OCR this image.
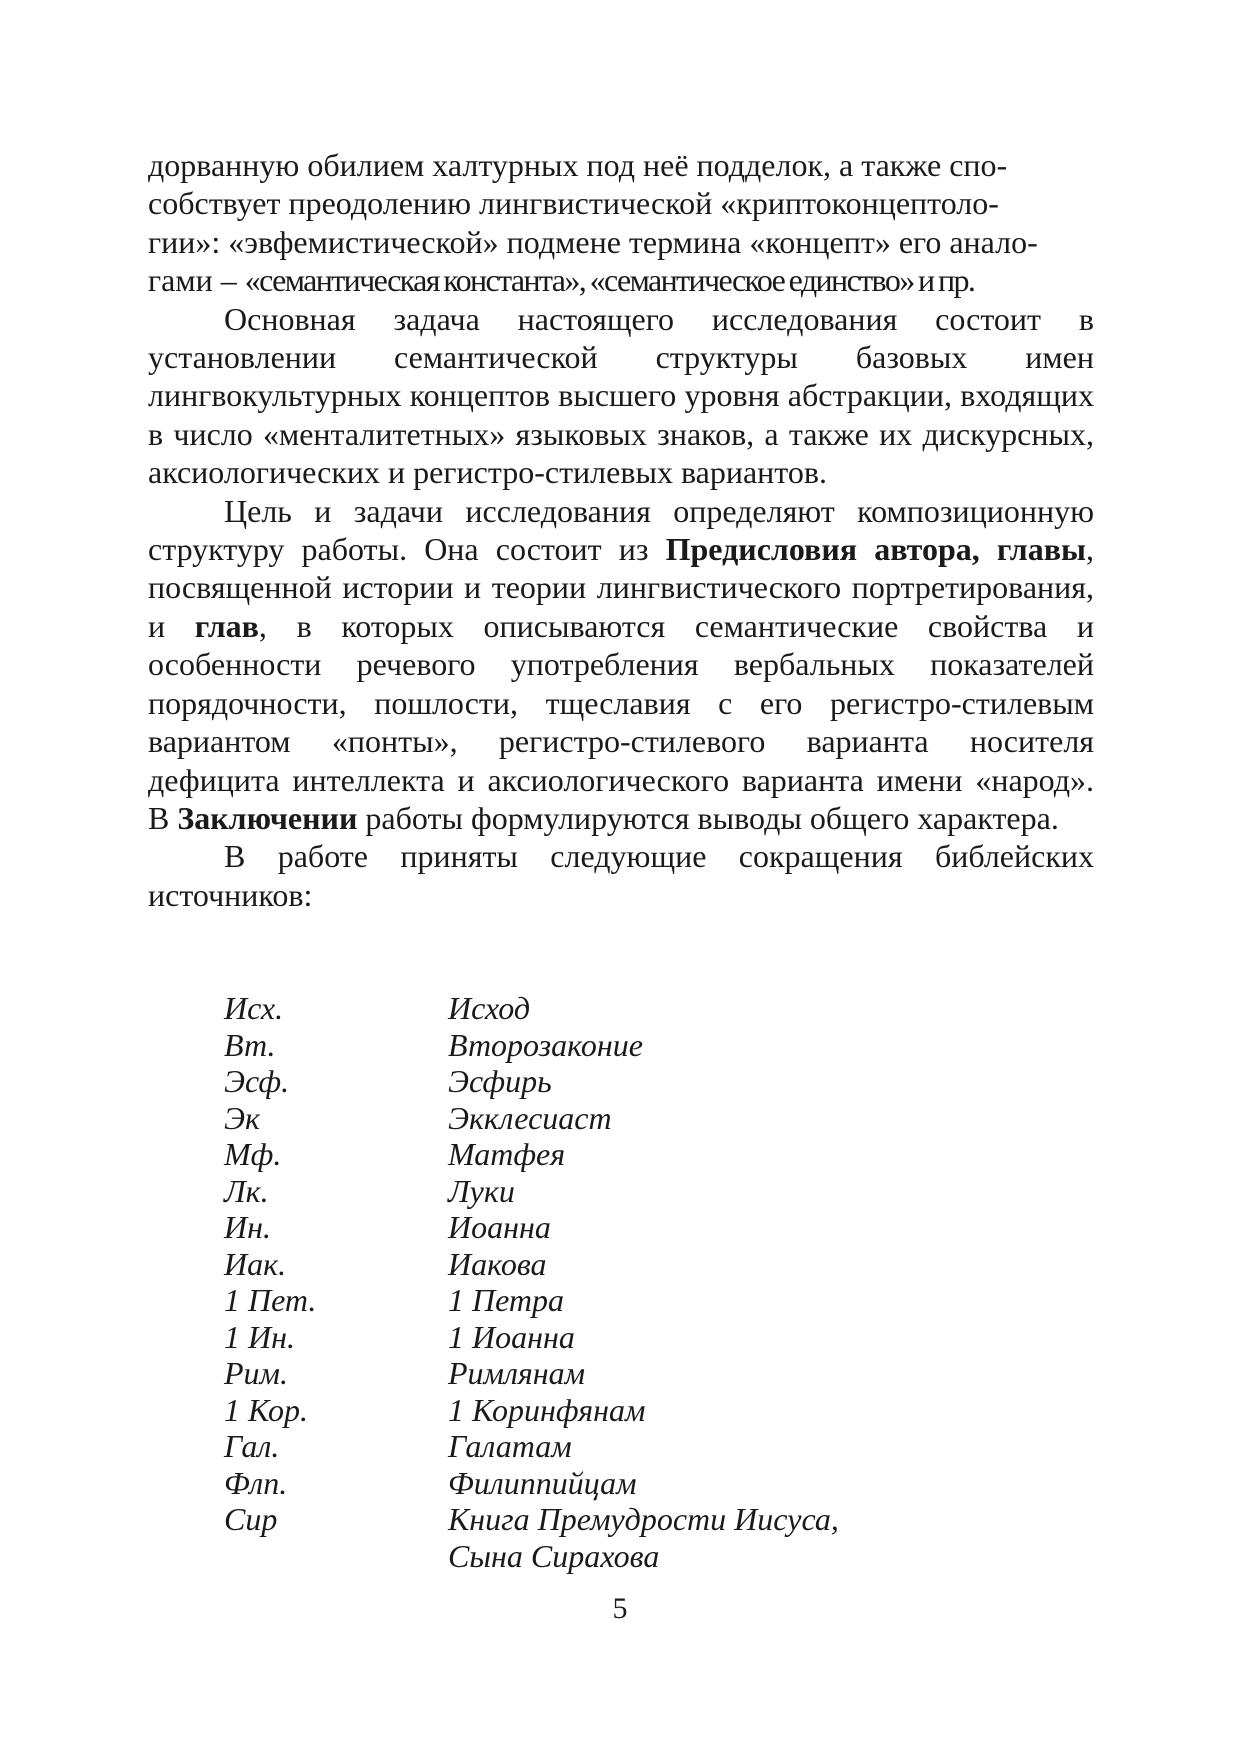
дорванную обилием халтурных под неё подделок, а также спо-
собствует преодолению лингвистической «криптоконцептоло-
гии»: «эвфемистической» подмене термина «концепт» его анало-
гами – «семантическая константа», «семантическое единство» и пр.

Основная задача настоящего исследования состоит в установлении семантической структуры базовых имен лингвокультурных концептов высшего уровня абстракции, входящих в число «менталитетных» языковых знаков, а также их дискурсных, аксиологических и регистро-стилевых вариантов.

Цель и задачи исследования определяют композиционную структуру работы. Она состоит из Предисловия автора, главы, посвященной истории и теории лингвистического портретирования, и глав, в которых описываются семантические свойства и особенности речевого употребления вербальных показателей порядочности, пошлости, тщеславия с его регистро-стилевым вариантом «понты», регистро-стилевого варианта носителя дефицита интеллекта и аксиологического варианта имени «народ». В Заключении работы формулируются выводы общего характера.

В работе приняты следующие сокращения библейских источников:

Исх.	Исход
Вт.	Второзаконие
Эсф.	Эсфирь
Эк	Экклесиаст
Мф.	Матфея
Лк.	Луки
Ин.	Иоанна
Иак.	Иакова
1 Пет.	1 Петра
1 Ин.	1 Иоанна
Рим.	Римлянам
1 Кор.	1 Коринфянам
Гал.	Галатам
Флп.	Филиппийцам
Сир	Книга Премудрости Иисуса,
Сына Сирахова
5
